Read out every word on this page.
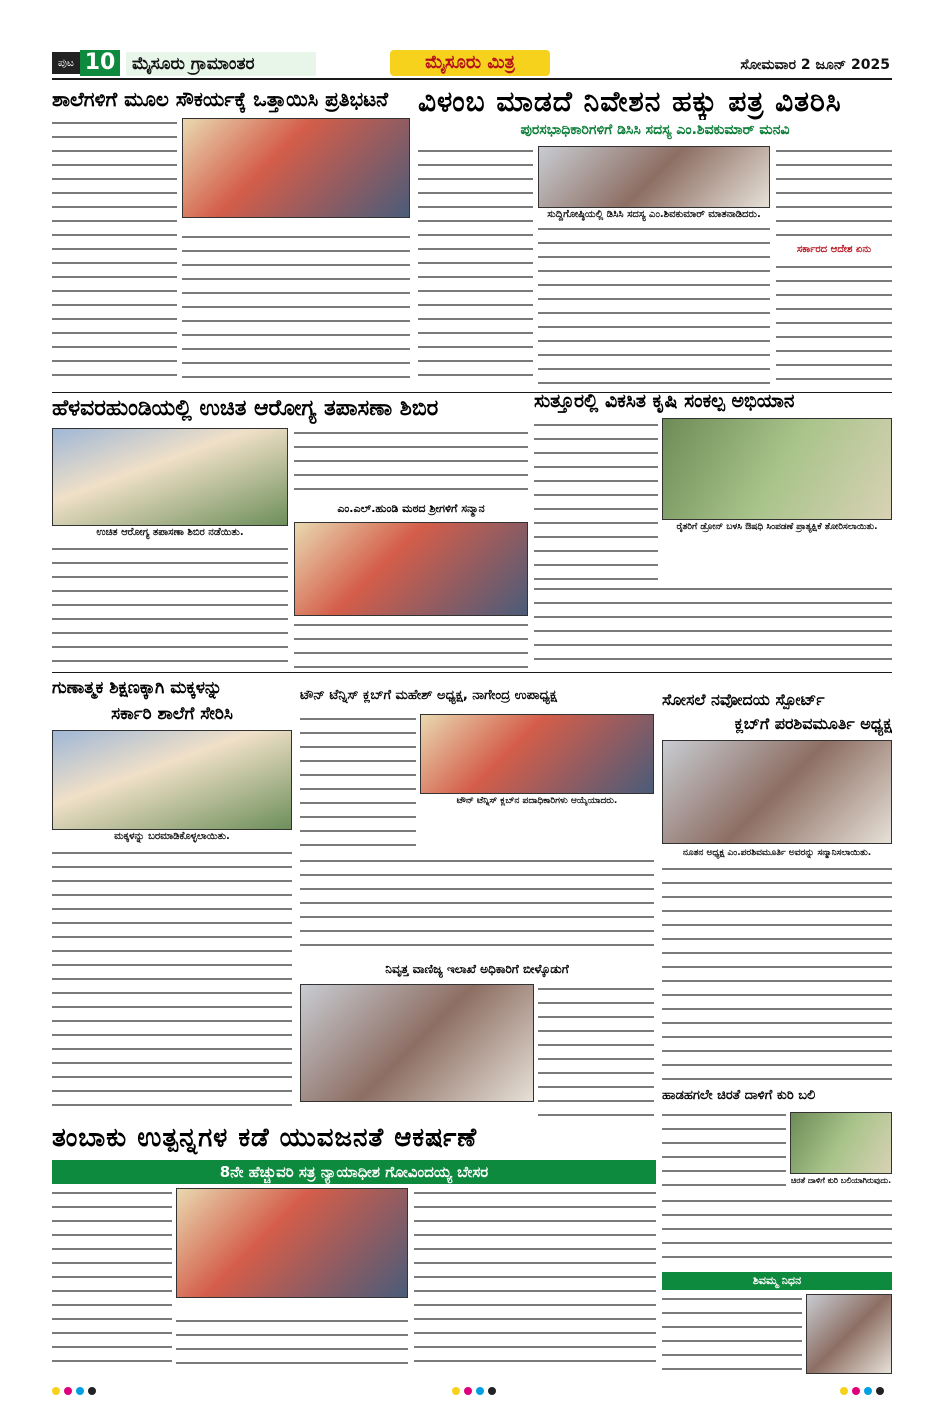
ಪುಟ 10 ಮೈಸೂರು ಗ್ರಾಮಾಂತರ	ಮೈಸೂರು ಮಿತ್ರ	ಸೋಮವಾರ 2 ಜೂನ್ 2025
ಶಾಲೆಗಳಿಗೆ ಮೂಲ ಸೌಕರ್ಯಕ್ಕೆ ಒತ್ತಾಯಿಸಿ ಪ್ರತಿಭಟನೆ	ವಿಳಂಬ ಮಾಡದೆ ನಿವೇಶನ ಹಕ್ಕು ಪತ್ರ ವಿತರಿಸಿ
ಪುರಸಭಾಧಿಕಾರಿಗಳಿಗೆ ಡಿಸಿಸಿ ಸದಸ್ಯ ಎಂ.ಶಿವಕುಮಾರ್ ಮನವಿ
ಸುದ್ದಿಗೋಷ್ಠಿಯಲ್ಲಿ ಡಿಸಿಸಿ ಸದಸ್ಯ ಎಂ.ಶಿವಕುಮಾರ್ ಮಾತನಾಡಿದರು.
ಸರ್ಕಾರದ ಆದೇಶ ಏನು
ಹೆಳವರಹುಂಡಿಯಲ್ಲಿ ಉಚಿತ ಆರೋಗ್ಯ ತಪಾಸಣಾ ಶಿಬಿರ
ಉಚಿತ ಆರೋಗ್ಯ ತಪಾಸಣಾ ಶಿಬಿರ ನಡೆಯಿತು.
ಎಂ.ಎಲ್.ಹುಂಡಿ ಮಠದ ಶ್ರೀಗಳಿಗೆ ಸನ್ಮಾನ
ಸುತ್ತೂರಲ್ಲಿ ವಿಕಸಿತ ಕೃಷಿ ಸಂಕಲ್ಪ ಅಭಿಯಾನ
ರೈತರಿಗೆ ಡ್ರೋನ್ ಬಳಸಿ ಔಷಧಿ ಸಿಂಪಡಣೆ ಪ್ರಾತ್ಯಕ್ಷಿಕೆ ತೋರಿಸಲಾಯಿತು.
ಗುಣಾತ್ಮಕ ಶಿಕ್ಷಣಕ್ಕಾಗಿ ಮಕ್ಕಳನ್ನು
ಸರ್ಕಾರಿ ಶಾಲೆಗೆ ಸೇರಿಸಿ
ಮಕ್ಕಳನ್ನು ಬರಮಾಡಿಕೊಳ್ಳಲಾಯಿತು.
ಟೌನ್ ಟೆನ್ನಿಸ್ ಕ್ಲಬ್‌ಗೆ ಮಹೇಶ್ ಅಧ್ಯಕ್ಷ, ನಾಗೇಂದ್ರ ಉಪಾಧ್ಯಕ್ಷ
ಟೌನ್ ಟೆನ್ನಿಸ್ ಕ್ಲಬ್‌ನ ಪದಾಧಿಕಾರಿಗಳು ಆಯ್ಕೆಯಾದರು.
ನಿವೃತ್ತ ವಾಣಿಜ್ಯ ಇಲಾಖೆ ಅಧಿಕಾರಿಗೆ ಬೀಳ್ಕೊಡುಗೆ
ಸೋಸಲೆ ನವೋದಯ ಸ್ಪೋರ್ಟ್
ಕ್ಲಬ್‌ಗೆ ಪರಶಿವಮೂರ್ತಿ ಅಧ್ಯಕ್ಷ
ನೂತನ ಅಧ್ಯಕ್ಷ ಎಂ.ಪರಶಿವಮೂರ್ತಿ ಅವರನ್ನು ಸನ್ಮಾನಿಸಲಾಯಿತು.
ಹಾಡಹಗಲೇ ಚಿರತೆ ದಾಳಿಗೆ ಕುರಿ ಬಲಿ
ಚಿರತೆ ದಾಳಿಗೆ ಕುರಿ ಬಲಿಯಾಗಿರುವುದು.
ತಂಬಾಕು ಉತ್ಪನ್ನಗಳ ಕಡೆ ಯುವಜನತೆ ಆಕರ್ಷಣೆ
8ನೇ ಹೆಚ್ಚುವರಿ ಸತ್ರ ನ್ಯಾಯಾಧೀಶ ಗೋವಿಂದಯ್ಯ ಬೇಸರ
ಶಿವಮ್ಮ ನಿಧನ
